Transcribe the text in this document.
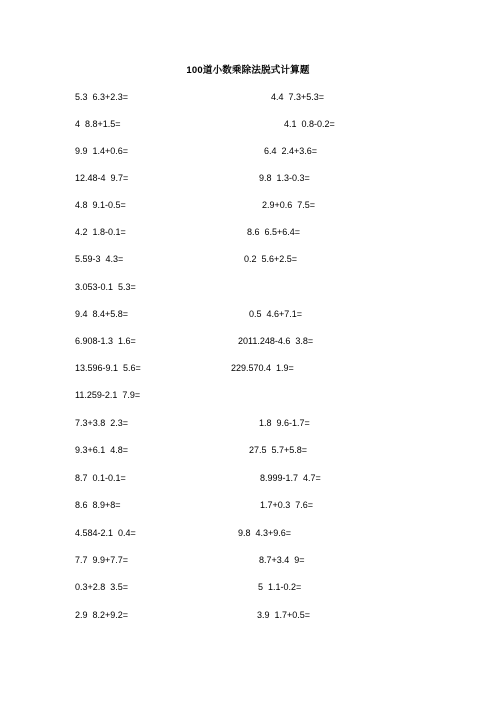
100道小数乘除法脱式计算题
5.3  6.3+2.3=	4.4  7.3+5.3=
4  8.8+1.5=	4.1  0.8-0.2=
9.9  1.4+0.6=	6.4  2.4+3.6=
12.48-4  9.7=	9.8  1.3-0.3=
4.8  9.1-0.5=	2.9+0.6  7.5=
4.2  1.8-0.1=	8.6  6.5+6.4=
5.59-3  4.3=	0.2  5.6+2.5=
3.053-0.1  5.3=
9.4  8.4+5.8=	0.5  4.6+7.1=
6.908-1.3  1.6=	2011.248-4.6  3.8=
13.596-9.1  5.6=	229.570.4  1.9=
11.259-2.1  7.9=
7.3+3.8  2.3=	1.8  9.6-1.7=
9.3+6.1  4.8=	27.5  5.7+5.8=
8.7  0.1-0.1=	8.999-1.7  4.7=
8.6  8.9+8=	1.7+0.3  7.6=
4.584-2.1  0.4=	9.8  4.3+9.6=
7.7  9.9+7.7=	8.7+3.4  9=
0.3+2.8  3.5=	5  1.1-0.2=
2.9  8.2+9.2=	3.9  1.7+0.5=
